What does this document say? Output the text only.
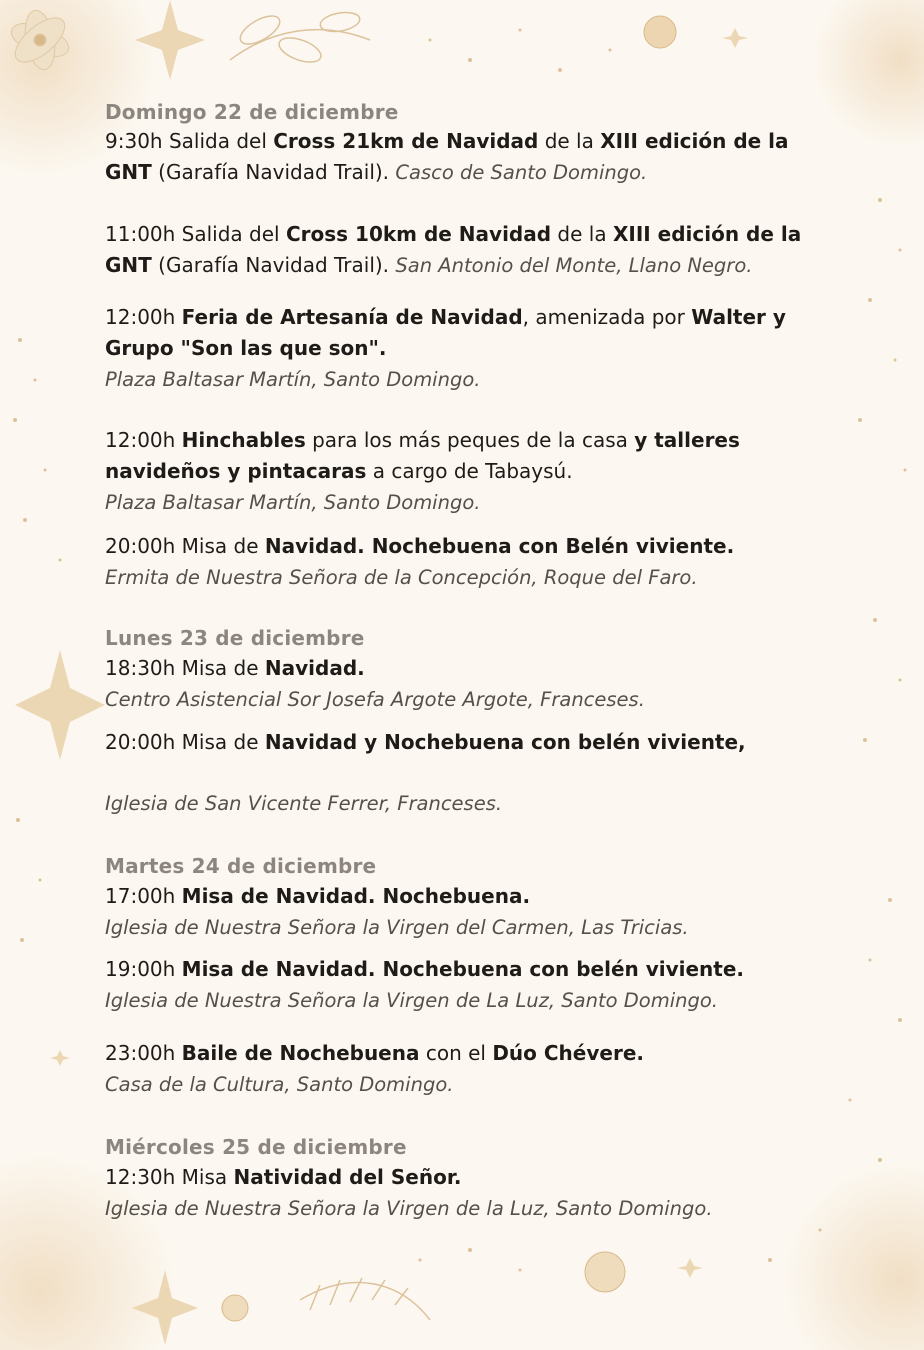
Domingo 22 de diciembre
9:30h Salida del Cross 21km de Navidad de la XIII edición de la GNT (Garafía Navidad Trail). Casco de Santo Domingo.
11:00h Salida del Cross 10km de Navidad de la XIII edición de la GNT (Garafía Navidad Trail). San Antonio del Monte, Llano Negro.
12:00h Feria de Artesanía de Navidad, amenizada por Walter y Grupo "Son las que son".
Plaza Baltasar Martín, Santo Domingo.
12:00h Hinchables para los más peques de la casa y talleres navideños y pintacaras a cargo de Tabaysú.
Plaza Baltasar Martín, Santo Domingo.
20:00h Misa de Navidad. Nochebuena con Belén viviente.
Ermita de Nuestra Señora de la Concepción, Roque del Faro.
Lunes 23 de diciembre
18:30h Misa de Navidad.
Centro Asistencial Sor Josefa Argote Argote, Franceses.
20:00h Misa de Navidad y Nochebuena con belén viviente,
Iglesia de San Vicente Ferrer, Franceses.
Martes 24 de diciembre
17:00h Misa de Navidad. Nochebuena.
Iglesia de Nuestra Señora la Virgen del Carmen, Las Tricias.
19:00h Misa de Navidad. Nochebuena con belén viviente.
Iglesia de Nuestra Señora la Virgen de La Luz, Santo Domingo.
23:00h Baile de Nochebuena con el Dúo Chévere.
Casa de la Cultura, Santo Domingo.
Miércoles 25 de diciembre
12:30h Misa Natividad del Señor.
Iglesia de Nuestra Señora la Virgen de la Luz, Santo Domingo.
